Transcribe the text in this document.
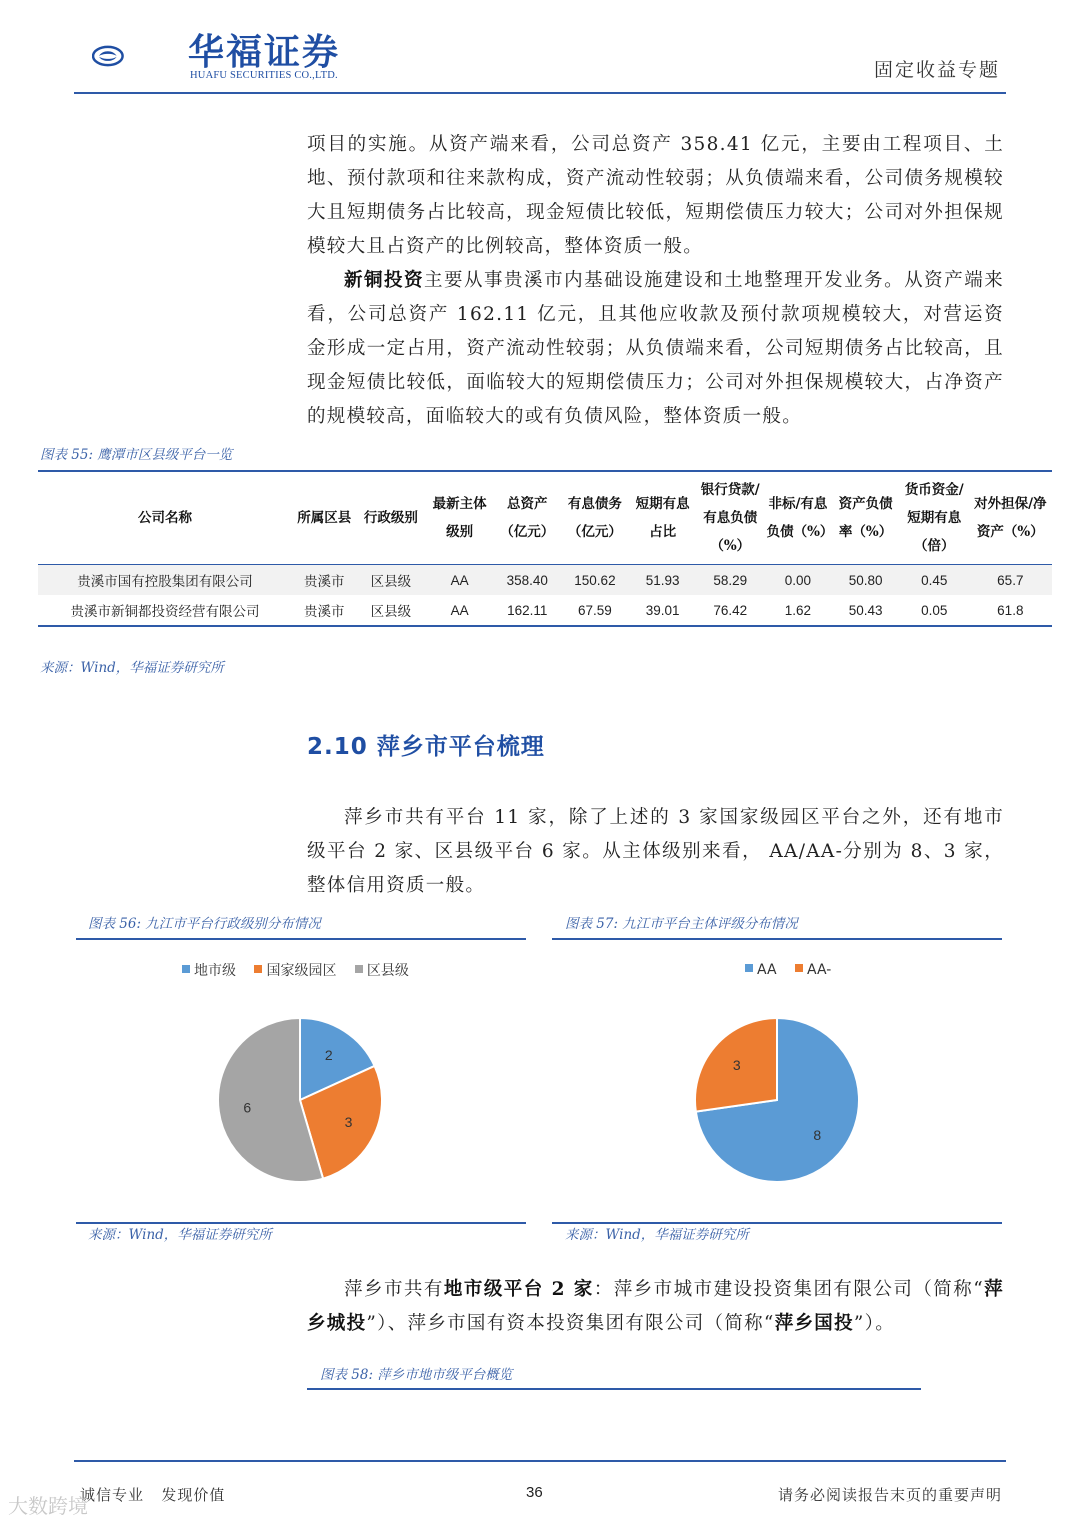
华福证券
HUAFU SECURITIES CO.,LTD.	固定收益专题
项目的实施。从资产端来看，公司总资产 358.41 亿元，主要由工程项目、土地、预付款项和往来款构成，资产流动性较弱；从负债端来看，公司债务规模较大且短期债务占比较高，现金短债比较低，短期偿债压力较大；公司对外担保规模较大且占资产的比例较高，整体资质一般。
新铜投资主要从事贵溪市内基础设施建设和土地整理开发业务。从资产端来看，公司总资产 162.11 亿元，且其他应收款及预付款项规模较大，对营运资金形成一定占用，资产流动性较弱；从负债端来看，公司短期债务占比较高，且现金短债比较低，面临较大的短期偿债压力；公司对外担保规模较大，占净资产的规模较高，面临较大的或有负债风险，整体资质一般。
图表 55: 鹰潭市区县级平台一览
公司名称	所属区县	行政级别	最新主体级别	总资产（亿元）	有息债务（亿元）	短期有息占比	银行贷款/有息负债（%）	非标/有息负债（%）	资产负债率（%）	货币资金/短期有息（倍）	对外担保/净资产（%）
贵溪市国有控股集团有限公司	贵溪市	区县级	AA	358.40	150.62	51.93	58.29	0.00	50.80	0.45	65.7
贵溪市新铜都投资经营有限公司	贵溪市	区县级	AA	162.11	67.59	39.01	76.42	1.62	50.43	0.05	61.8
来源：Wind，华福证券研究所
2.10 萍乡市平台梳理
萍乡市共有平台 11 家，除了上述的 3 家国家级园区平台之外，还有地市级平台 2 家、区县级平台 6 家。从主体级别来看， AA/AA-分别为 8、3 家，整体信用资质一般。
图表 56: 九江市平台行政级别分布情况
地市级 国家级园区 区县级
2
3
6
来源：Wind，华福证券研究所
图表 57: 九江市平台主体评级分布情况
AA AA-
8
3
来源：Wind，华福证券研究所
萍乡市共有地市级平台 2 家：萍乡市城市建设投资集团有限公司（简称“萍乡城投”）、萍乡市国有资本投资集团有限公司（简称“萍乡国投”）。
图表 58: 萍乡市地市级平台概览
诚信专业 发现价值	36	请务必阅读报告末页的重要声明
大数跨境
